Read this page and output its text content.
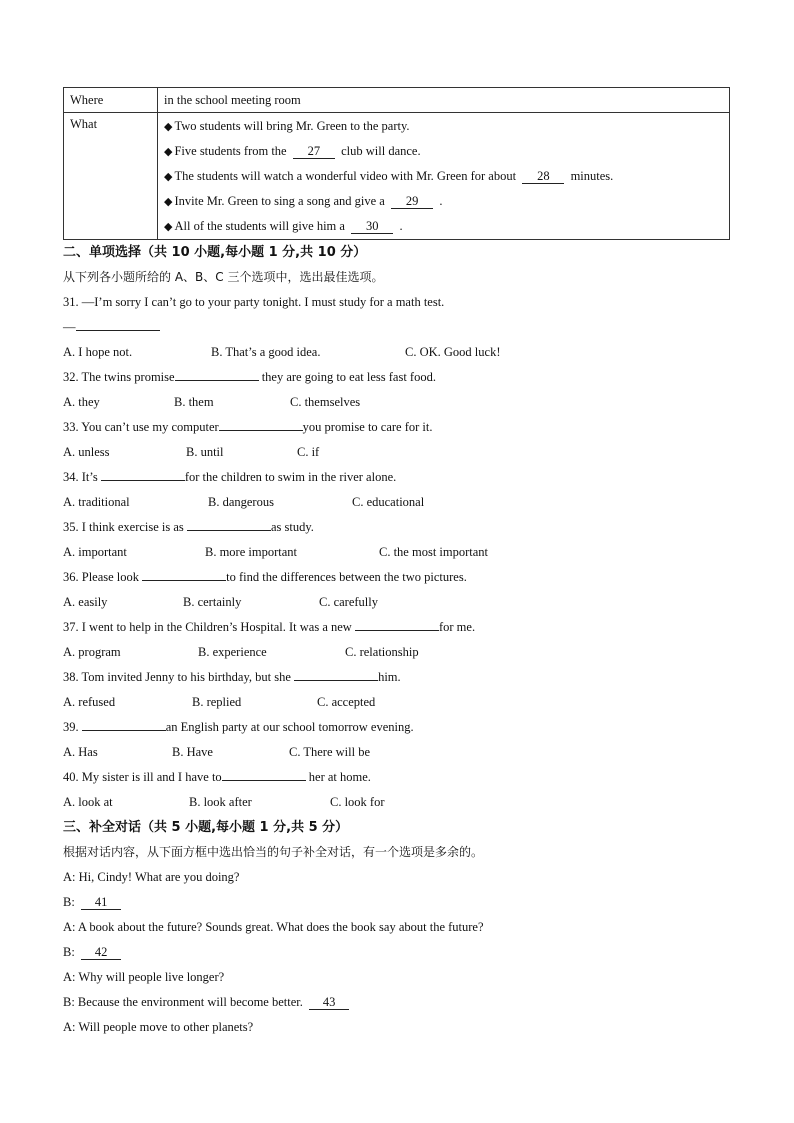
Where	in the school meeting room
What	◆ Two students will bring Mr. Green to the party.
◆ Five students from the 27 club will dance.
◆ The students will watch a wonderful video with Mr. Green for about 28 minutes.
◆ Invite Mr. Green to sing a song and give a 29 .
◆ All of the students will give him a 30 .
二、单项选择（共 10 小题,每小题 1 分,共 10 分）
从下列各小题所给的 A、B、C 三个选项中，选出最佳选项。
31. —I’m sorry I can’t go to your party tonight. I must study for a math test.
—
A. I hope not.	B. That’s a good idea.	C. OK. Good luck!
32. The twins promise	they are going to eat less fast food.
A. they	B. them	C. themselves
33. You can’t use my computer	you promise to care for it.
A. unless	B. until	C. if
34. It’s	for the children to swim in the river alone.
A. traditional	B. dangerous	C. educational
35. I think exercise is as	as study.
A. important	B. more important	C. the most important
36. Please look	to find the differences between the two pictures.
A. easily	B. certainly	C. carefully
37. I went to help in the Children’s Hospital. It was a new	for me.
A. program	B. experience	C. relationship
38. Tom invited Jenny to his birthday, but she	him.
A. refused	B. replied	C. accepted
39.	an English party at our school tomorrow evening.
A. Has	B. Have	C. There will be
40. My sister is ill and I have to	her at home.
A. look at	B. look after	C. look for
三、补全对话（共 5 小题,每小题 1 分,共 5 分）
根据对话内容，从下面方框中选出恰当的句子补全对话，有一个选项是多余的。
A: Hi, Cindy! What are you doing?
B:  41
A: A book about the future? Sounds great. What does the book say about the future?
B:  42
A: Why will people live longer?
B: Because the environment will become better.  43
A: Will people move to other planets?
